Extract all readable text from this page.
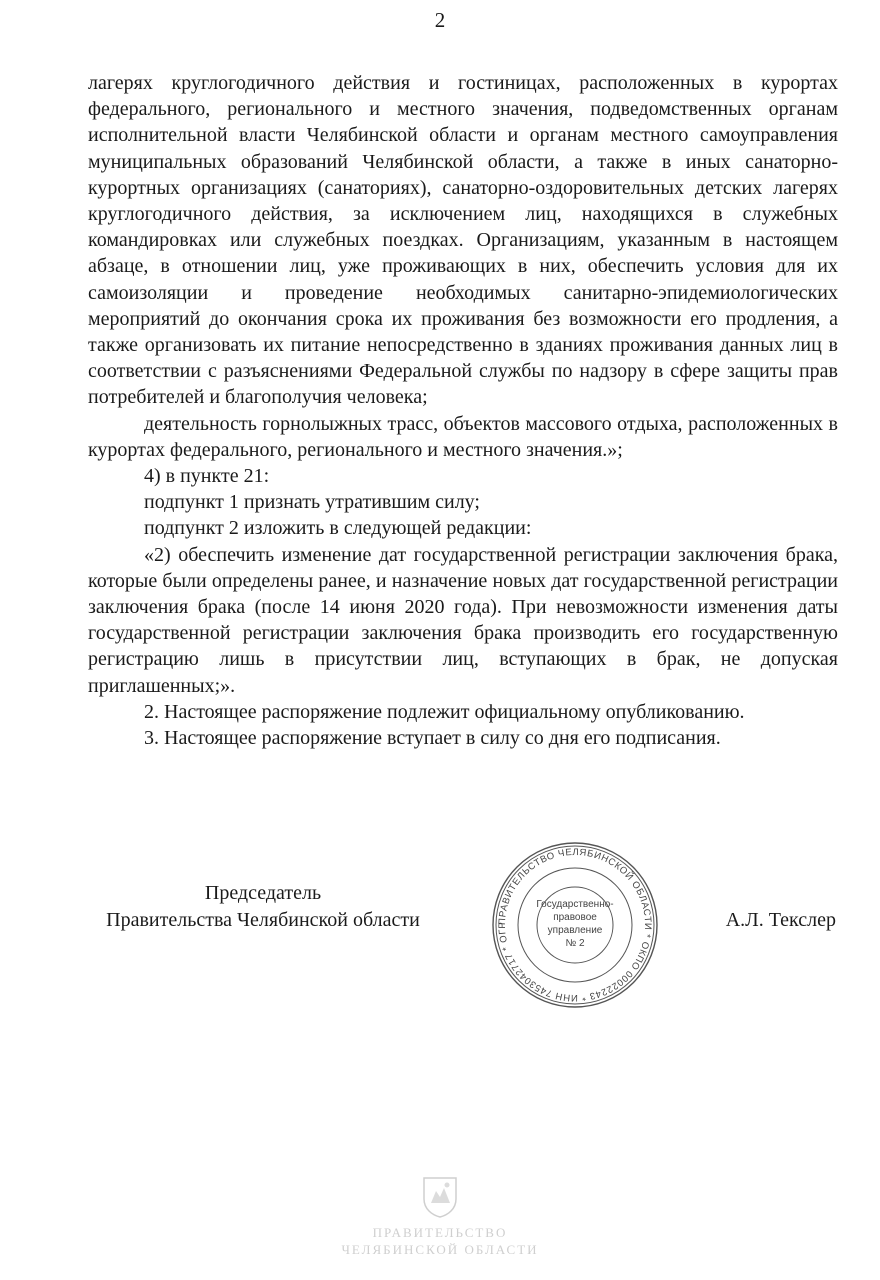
2

лагерях круглогодичного действия и гостиницах, расположенных в курортах федерального, регионального и местного значения, подведомственных органам исполнительной власти Челябинской области и органам местного самоуправления муниципальных образований Челябинской области, а также в иных санаторно-курортных организациях (санаториях), санаторно-оздоровительных детских лагерях круглогодичного действия, за исключением лиц, находящихся в служебных командировках или служебных поездках. Организациям, указанным в настоящем абзаце, в отношении лиц, уже проживающих в них, обеспечить условия для их самоизоляции и проведение необходимых санитарно-эпидемиологических мероприятий до окончания срока их проживания без возможности его продления, а также организовать их питание непосредственно в зданиях проживания данных лиц в соответствии с разъяснениями Федеральной службы по надзору в сфере защиты прав потребителей и благополучия человека;

деятельность горнолыжных трасс, объектов массового отдыха, расположенных в курортах федерального, регионального и местного значения.»;

4) в пункте 21:

подпункт 1 признать утратившим силу;

подпункт 2 изложить в следующей редакции:

«2) обеспечить изменение дат государственной регистрации заключения брака, которые были определены ранее, и назначение новых дат государственной регистрации заключения брака (после 14 июня 2020 года). При невозможности изменения даты государственной регистрации заключения брака производить его государственную регистрацию лишь в присутствии лиц, вступающих в брак, не допуская приглашенных;».

2. Настоящее распоряжение подлежит официальному опубликованию.

3. Настоящее распоряжение вступает в силу со дня его подписания.

Председатель
Правительства Челябинской области	ПРАВИТЕЛЬСТВО ЧЕЛЯБИНСКОЙ ОБЛАСТИ * ОКПО 00022243 * ИНН 7453042717 * ОГР
Государственно-
правовое
управление
№ 2
А.Л. Текслер
ПРАВИТЕЛЬСТВО
ЧЕЛЯБИНСКОЙ ОБЛАСТИ
